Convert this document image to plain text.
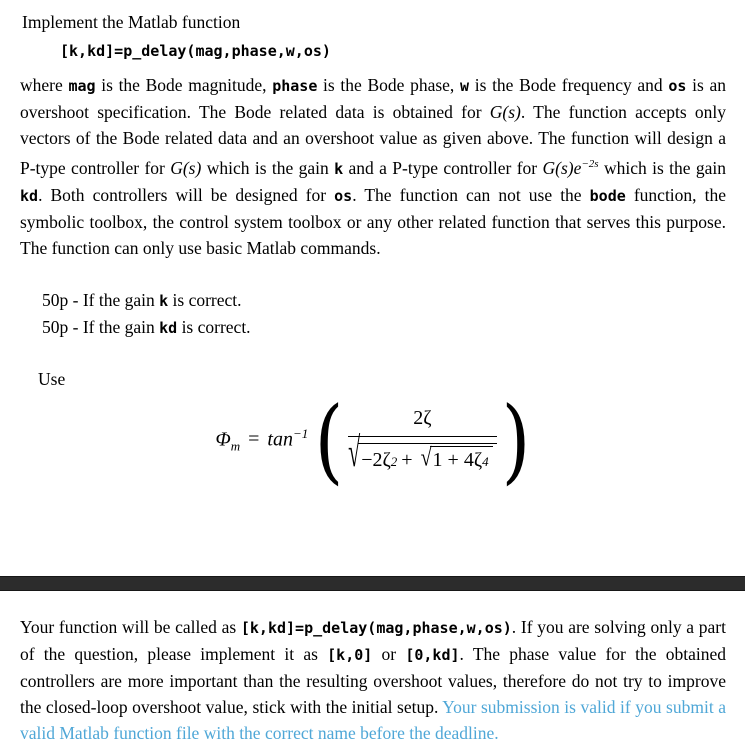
Implement the Matlab function

[k,kd]=p_delay(mag,phase,w,os)

where mag is the Bode magnitude, phase is the Bode phase, w is the Bode frequency and os is an overshoot specification. The Bode related data is obtained for G(s). The function accepts only vectors of the Bode related data and an overshoot value as given above. The function will design a P-type controller for G(s) which is the gain k and a P-type controller for $G(s)e^{-2s}$ which is the gain kd. Both controllers will be designed for os. The function can not use the bode function, the symbolic toolbox, the control system toolbox or any other related function that serves this purpose. The function can only use basic Matlab commands.

50p - If the gain k is correct.

50p - If the gain kd is correct.

Use

$\Phi_m = \tan^{-1}$ (	2ζ
√ −2ζ 2 + √ 1 + 4ζ 4 )

Your function will be called as [k,kd]=p_delay(mag,phase,w,os). If you are solving only a part of the question, please implement it as [k,0] or [0,kd]. The phase value for the obtained controllers are more important than the resulting overshoot values, therefore do not try to improve the closed-loop overshoot value, stick with the initial setup. Your submission is valid if you submit a valid Matlab function file with the correct name before the deadline.
